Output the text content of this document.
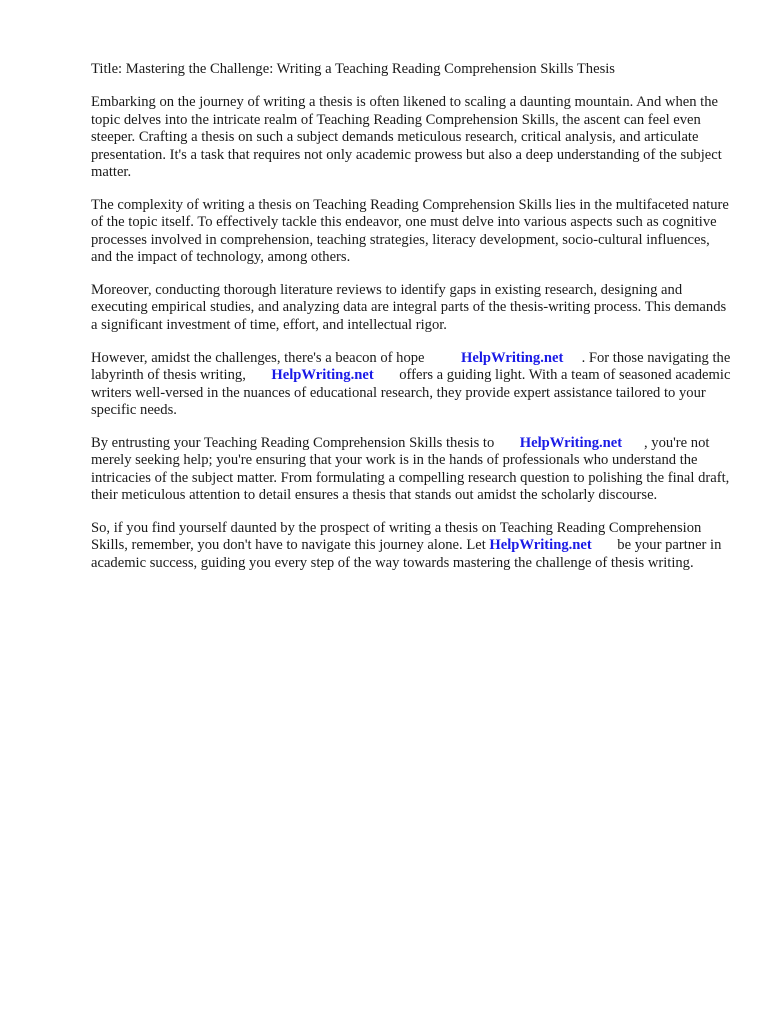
Title: Mastering the Challenge: Writing a Teaching Reading Comprehension Skills Thesis

Embarking on the journey of writing a thesis is often likened to scaling a daunting mountain. And when the topic delves into the intricate realm of Teaching Reading Comprehension Skills, the ascent can feel even steeper. Crafting a thesis on such a subject demands meticulous research, critical analysis, and articulate presentation. It's a task that requires not only academic prowess but also a deep understanding of the subject matter.

The complexity of writing a thesis on Teaching Reading Comprehension Skills lies in the multifaceted nature of the topic itself. To effectively tackle this endeavor, one must delve into various aspects such as cognitive processes involved in comprehension, teaching strategies, literacy development, socio-cultural influences, and the impact of technology, among others.

Moreover, conducting thorough literature reviews to identify gaps in existing research, designing and executing empirical studies, and analyzing data are integral parts of the thesis-writing process. This demands a significant investment of time, effort, and intellectual rigor.

However, amidst the challenges, there's a beacon of hope HelpWriting.net . For those navigating the labyrinth of thesis writing, HelpWriting.net offers a guiding light. With a team of seasoned academic writers well-versed in the nuances of educational research, they provide expert assistance tailored to your specific needs.

By entrusting your Teaching Reading Comprehension Skills thesis to HelpWriting.net , you're not merely seeking help; you're ensuring that your work is in the hands of professionals who understand the intricacies of the subject matter. From formulating a compelling research question to polishing the final draft, their meticulous attention to detail ensures a thesis that stands out amidst the scholarly discourse.

So, if you find yourself daunted by the prospect of writing a thesis on Teaching Reading Comprehension Skills, remember, you don't have to navigate this journey alone. Let HelpWriting.net be your partner in academic success, guiding you every step of the way towards mastering the challenge of thesis writing.
